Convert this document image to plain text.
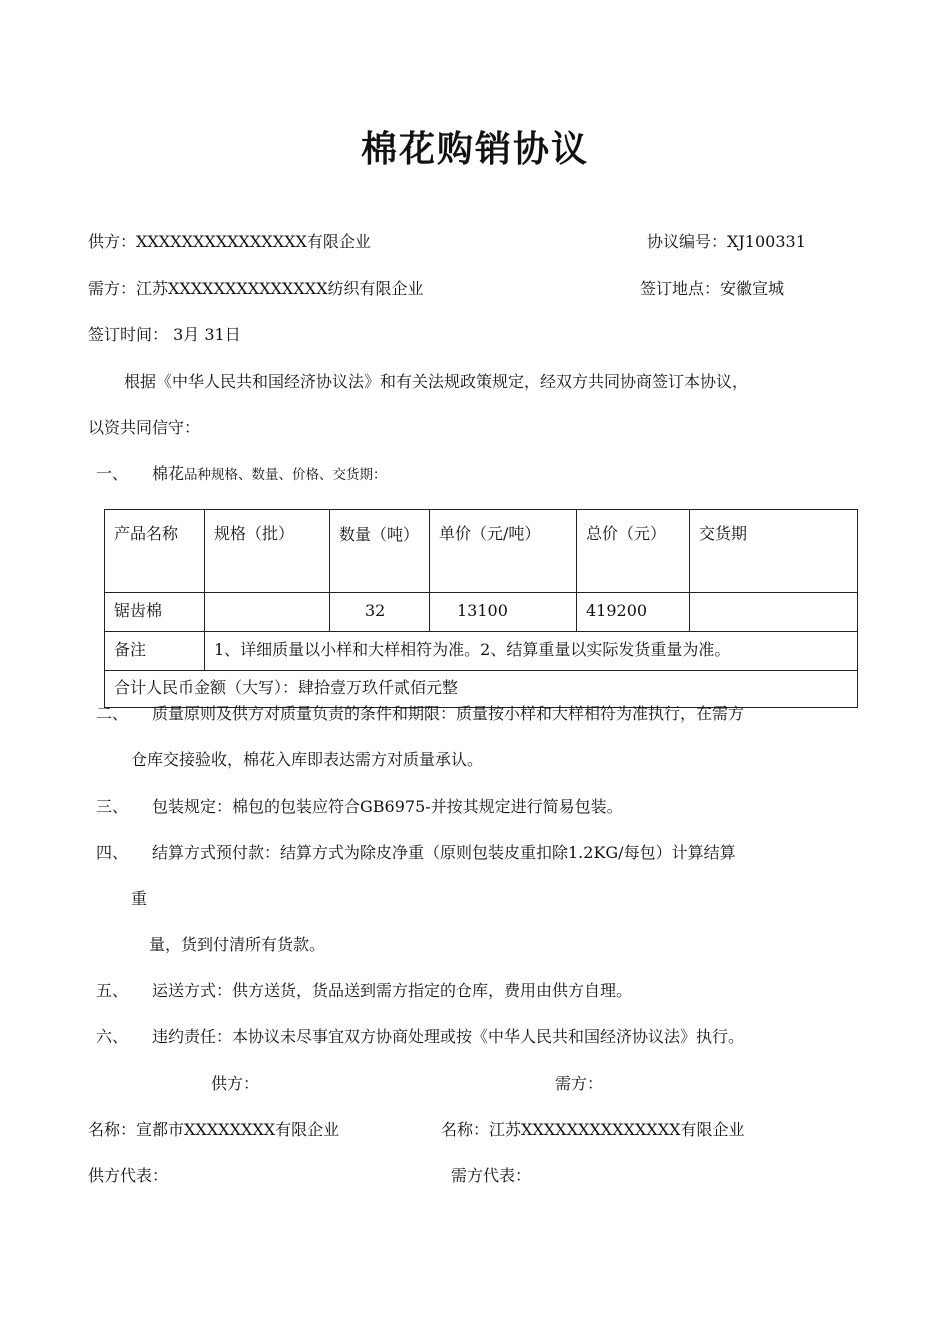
棉花购销协议
供方：XXXXXXXXXXXXXXX有限企业	协议编号：XJ100331
需方：江苏XXXXXXXXXXXXXX纺织有限企业	签订地点：安徽宣城
签订时间： 3月 31日
根据《中华人民共和国经济协议法》和有关法规政策规定，经双方共同协商签订本协议，
以资共同信守：
一、 棉花品种规格、数量、价格、交货期：
产品名称	规格（批）	数量（吨）	单价（元/吨）	总价（元）	交货期
锯齿棉		32	13100	419200	
备注	1、详细质量以小样和大样相符为准。2、结算重量以实际发货重量为准。				
合计人民币金额（大写）：肆拾壹万玖仟贰佰元整					
二、 质量原则及供方对质量负责的条件和期限：质量按小样和大样相符为准执行，在需方
仓库交接验收，棉花入库即表达需方对质量承认。
三、 包装规定：棉包的包装应符合GB6975-并按其规定进行简易包装。
四、 结算方式预付款：结算方式为除皮净重（原则包装皮重扣除1.2KG/每包）计算结算
重
量，货到付清所有货款。
五、 运送方式：供方送货，货品送到需方指定的仓库，费用由供方自理。
六、 违约责任：本协议未尽事宜双方协商处理或按《中华人民共和国经济协议法》执行。
供方：	需方：
名称：宣都市XXXXXXXX有限企业	名称：江苏XXXXXXXXXXXXXX有限企业
供方代表：	需方代表：
